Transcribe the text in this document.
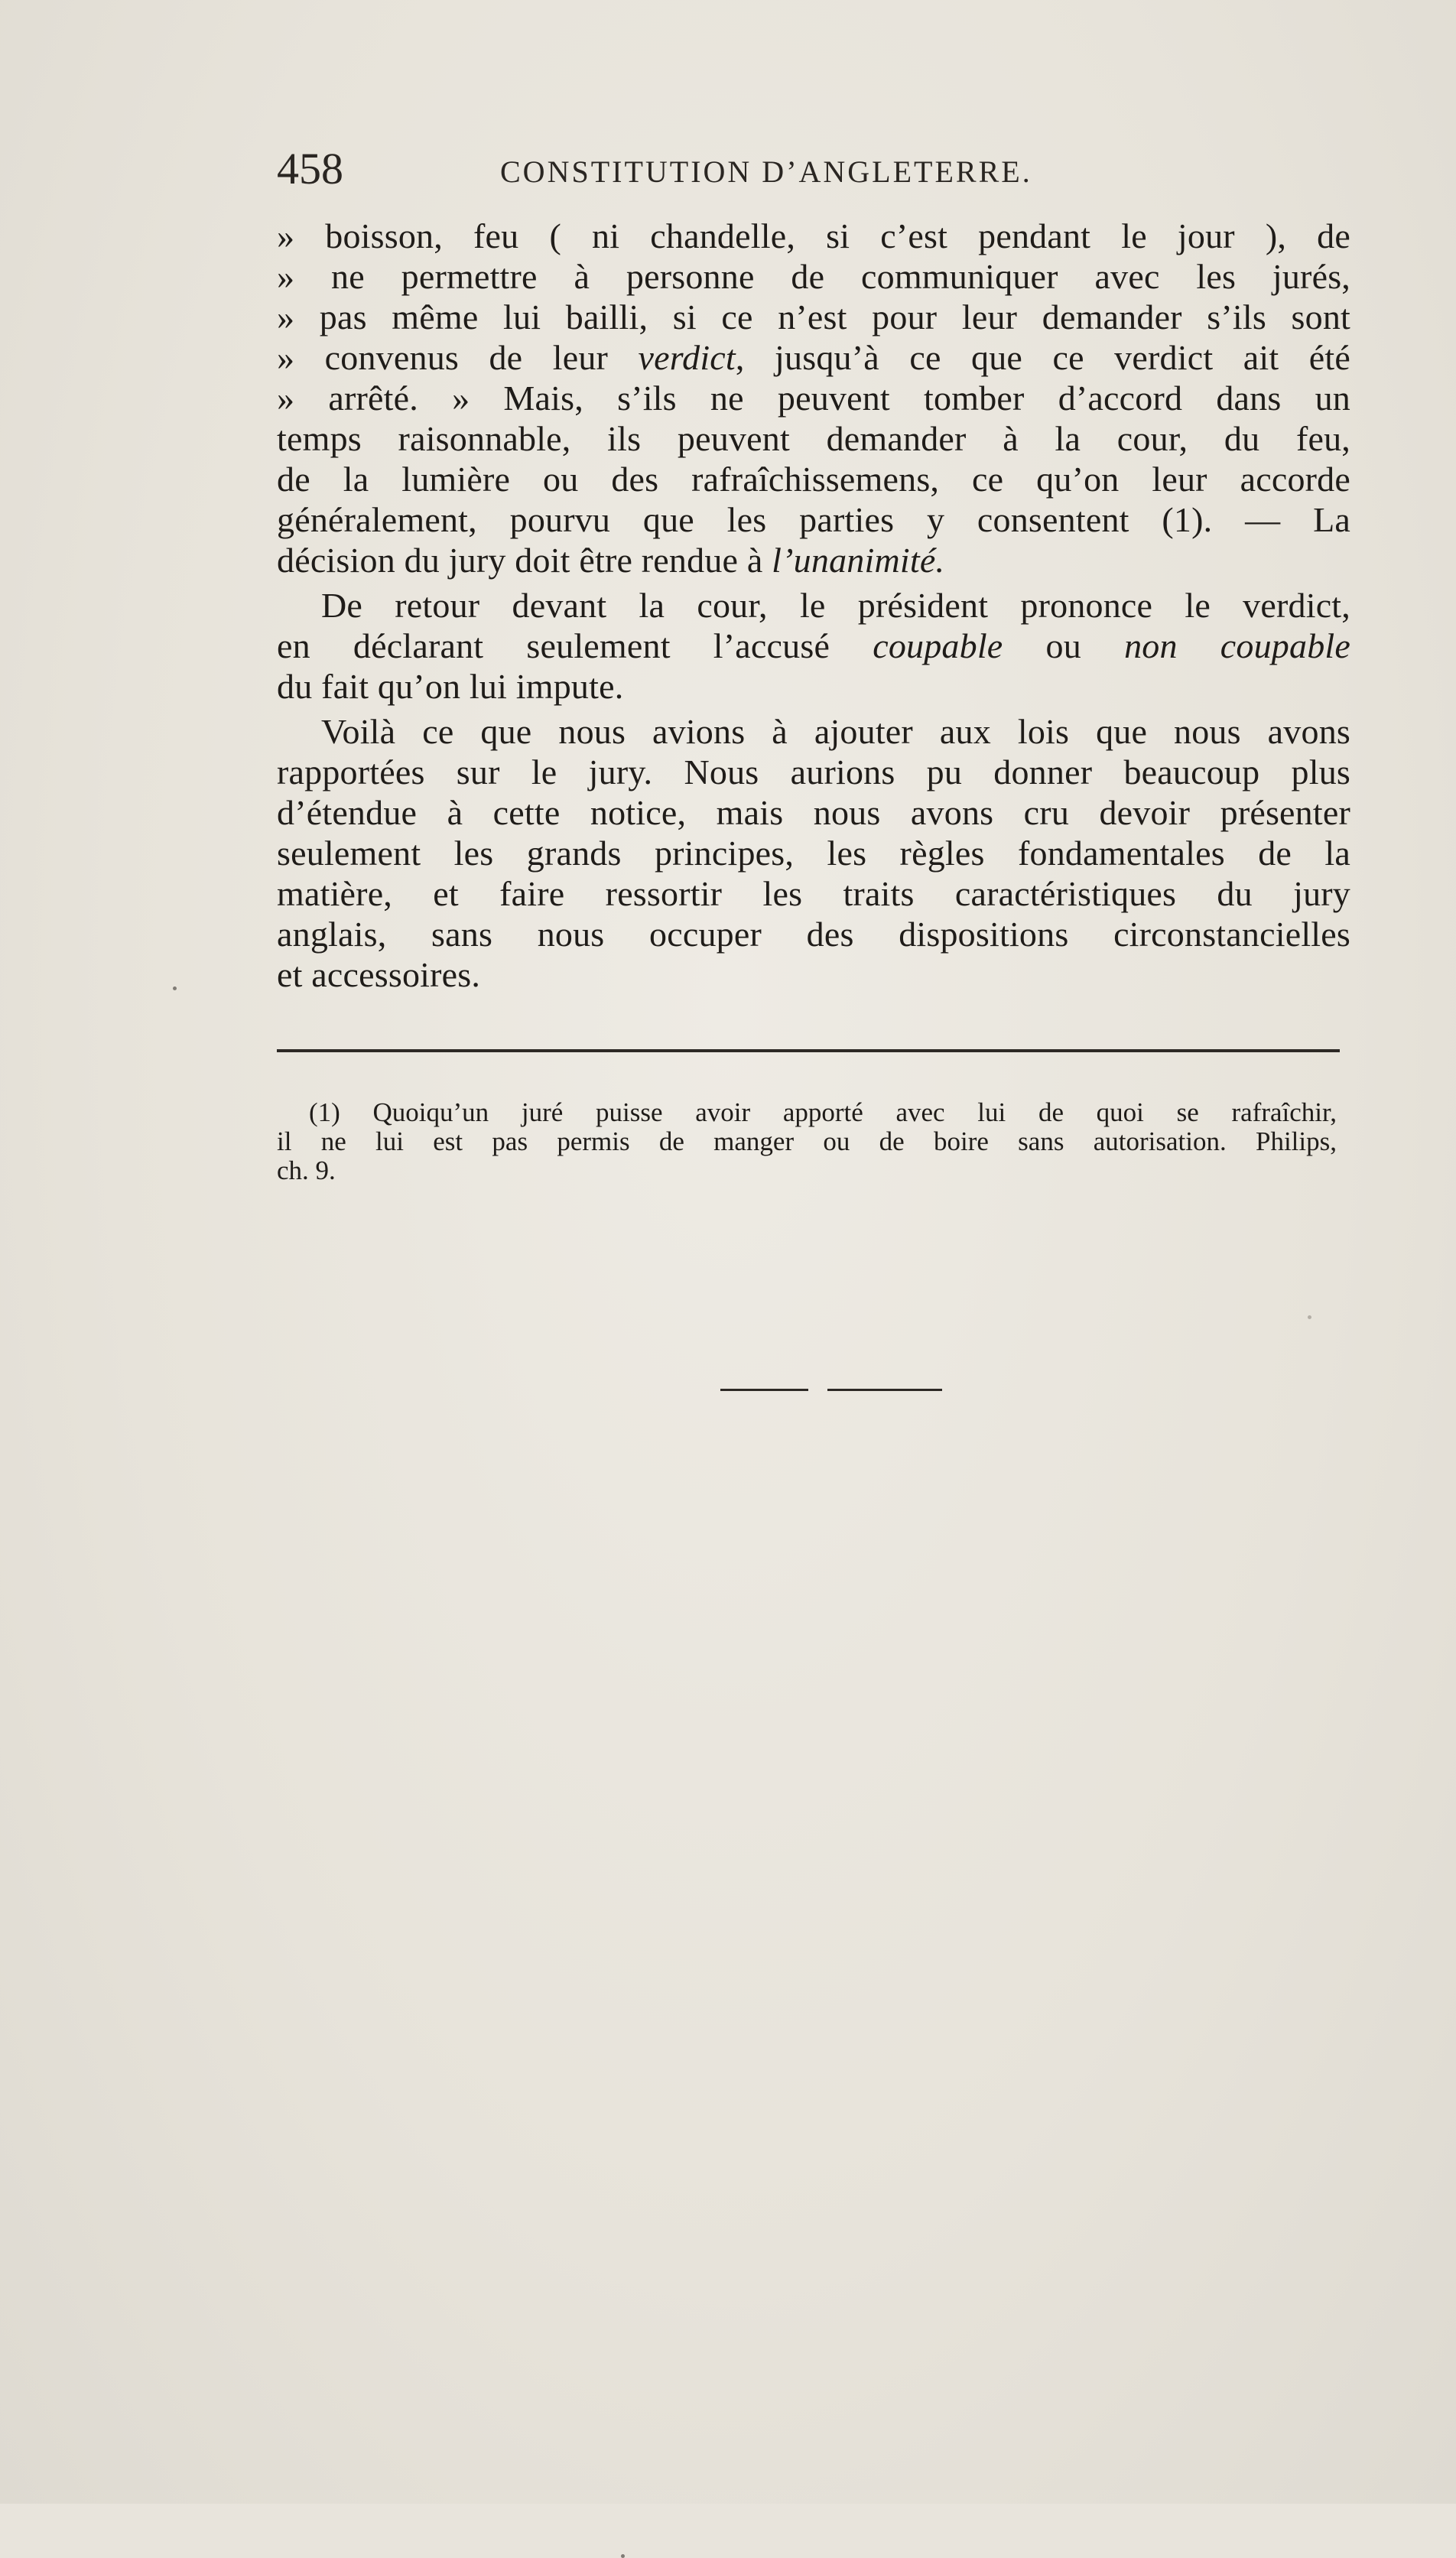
458	CONSTITUTION D’ANGLETERRE.
» boisson, feu ( ni chandelle, si c’est pendant le jour ), de
» ne permettre à personne de communiquer avec les jurés,
» pas même lui bailli, si ce n’est pour leur demander s’ils sont
» convenus de leur verdict, jusqu’à ce que ce verdict ait été
» arrêté. » Mais, s’ils ne peuvent tomber d’accord dans un
temps raisonnable, ils peuvent demander à la cour, du feu,
de la lumière ou des rafraîchissemens, ce qu’on leur accorde
généralement, pourvu que les parties y consentent (1). — La
décision du jury doit être rendue à l’unanimité.
De retour devant la cour, le président prononce le verdict,
en déclarant seulement l’accusé coupable ou non coupable
du fait qu’on lui impute.
Voilà ce que nous avions à ajouter aux lois que nous avons
rapportées sur le jury. Nous aurions pu donner beaucoup plus
d’étendue à cette notice, mais nous avons cru devoir présenter
seulement les grands principes, les règles fondamentales de la
matière, et faire ressortir les traits caractéristiques du jury
anglais, sans nous occuper des dispositions circonstancielles
et accessoires.
(1) Quoiqu’un juré puisse avoir apporté avec lui de quoi se rafraîchir,
il ne lui est pas permis de manger ou de boire sans autorisation. Philips,
ch. 9.
